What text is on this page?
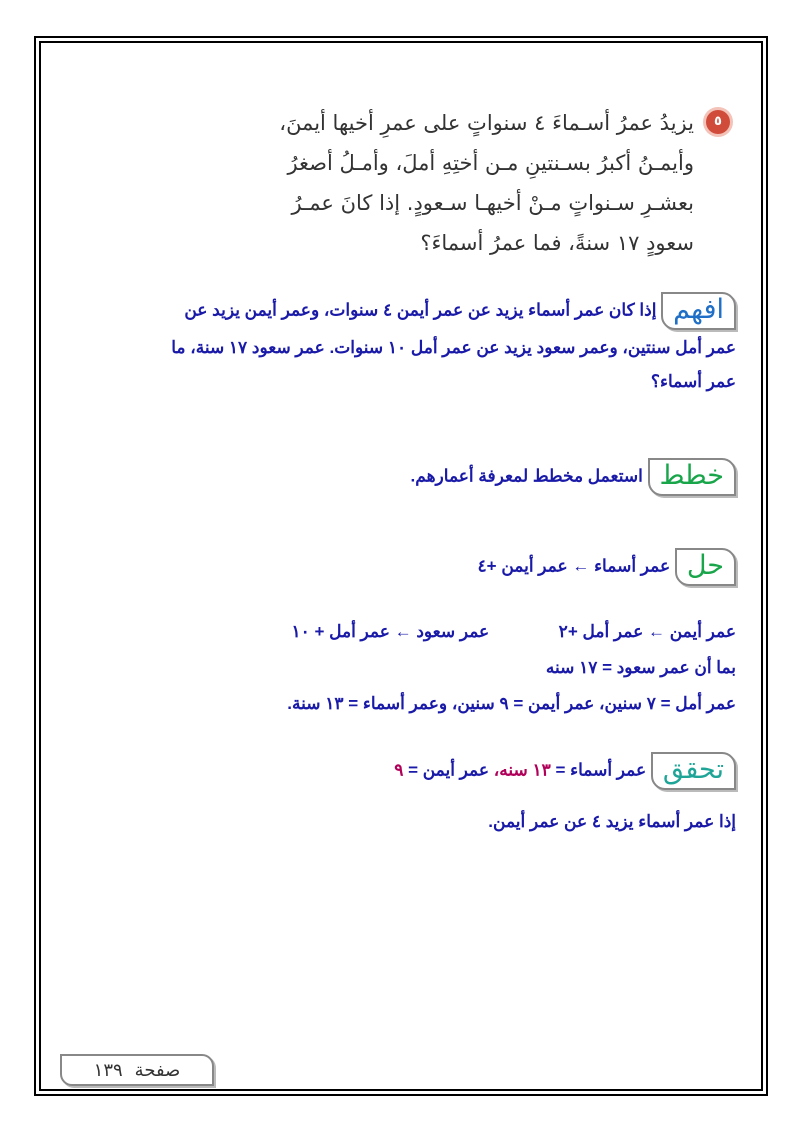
٥

يزيدُ عمرُ أسـماءَ ٤ سنواتٍ على عمرِ أخيها أيمنَ،

وأيمـنُ أكبرُ بسـنتينِ مـن أختِهِ أملَ، وأمـلُ أصغرُ

بعشـرِ سـنواتٍ مـنْ أخيهـا سـعودٍ. إذا كانَ عمـرُ

سعودٍ ١٧ سنةً، فما عمرُ أسماءَ؟

افهم إذا كان عمر أسماء يزيد عن عمر أيمن ٤ سنوات، وعمر أيمن يزيد عن
عمر أمل سنتين، وعمر سعود يزيد عن عمر أمل ١٠ سنوات. عمر سعود ١٧ سنة، ما
عمر أسماء؟
خطط استعمل مخطط لمعرفة أعمارهم.
حل عمر أسماء ← عمر أيمن +٤
عمر أيمن ← عمر أمل +٢  عمر سعود ← عمر أمل + ١٠
بما أن عمر سعود = ١٧ سنه
عمر أمل = ٧ سنين، عمر أيمن = ٩ سنين، وعمر أسماء = ١٣ سنة.
تحقق عمر أسماء = ١٣ سنه، عمر أيمن = ٩
إذا عمر أسماء يزيد ٤ عن عمر أيمن.
صفحة
١٣٩
